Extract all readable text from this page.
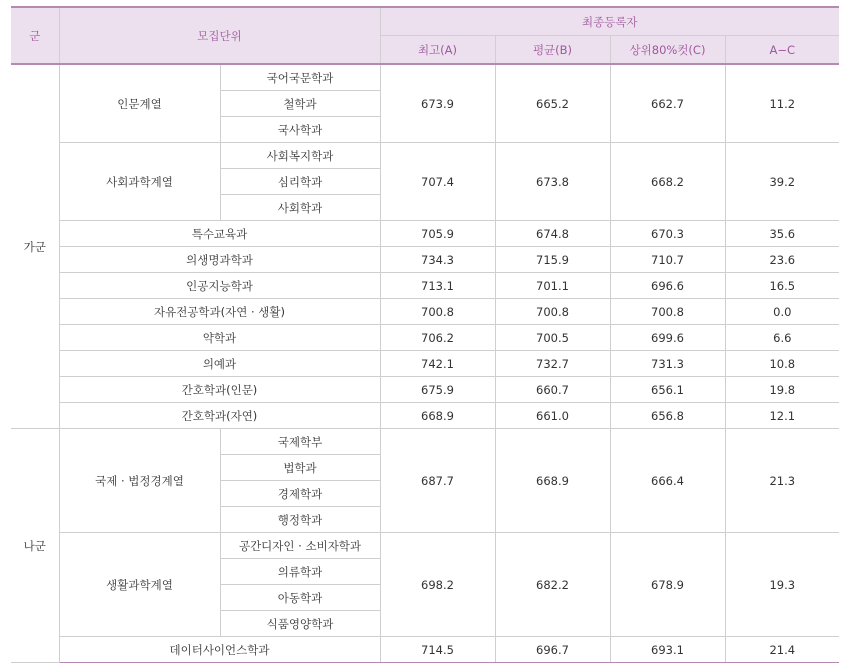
군	모집단위		최종등록자			
			최고(A)	평균(B)	상위80%컷(C)	A−C
가군	인문계열	국어국문학과	673.9	665.2	662.7	11.2
		철학과				
		국사학과				
	사회과학계열	사회복지학과	707.4	673.8	668.2	39.2
		심리학과				
		사회학과				
	특수교육과		705.9	674.8	670.3	35.6
	의생명과학과		734.3	715.9	710.7	23.6
	인공지능학과		713.1	701.1	696.6	16.5
	자유전공학과(자연 · 생활)		700.8	700.8	700.8	0.0
	약학과		706.2	700.5	699.6	6.6
	의예과		742.1	732.7	731.3	10.8
	간호학과(인문)		675.9	660.7	656.1	19.8
	간호학과(자연)		668.9	661.0	656.8	12.1
나군	국제 · 법정경계열	국제학부	687.7	668.9	666.4	21.3
		법학과				
		경제학과				
		행정학과				
	생활과학계열	공간디자인 · 소비자학과	698.2	682.2	678.9	19.3
		의류학과				
		아동학과				
		식품영양학과				
	데이터사이언스학과		714.5	696.7	693.1	21.4
